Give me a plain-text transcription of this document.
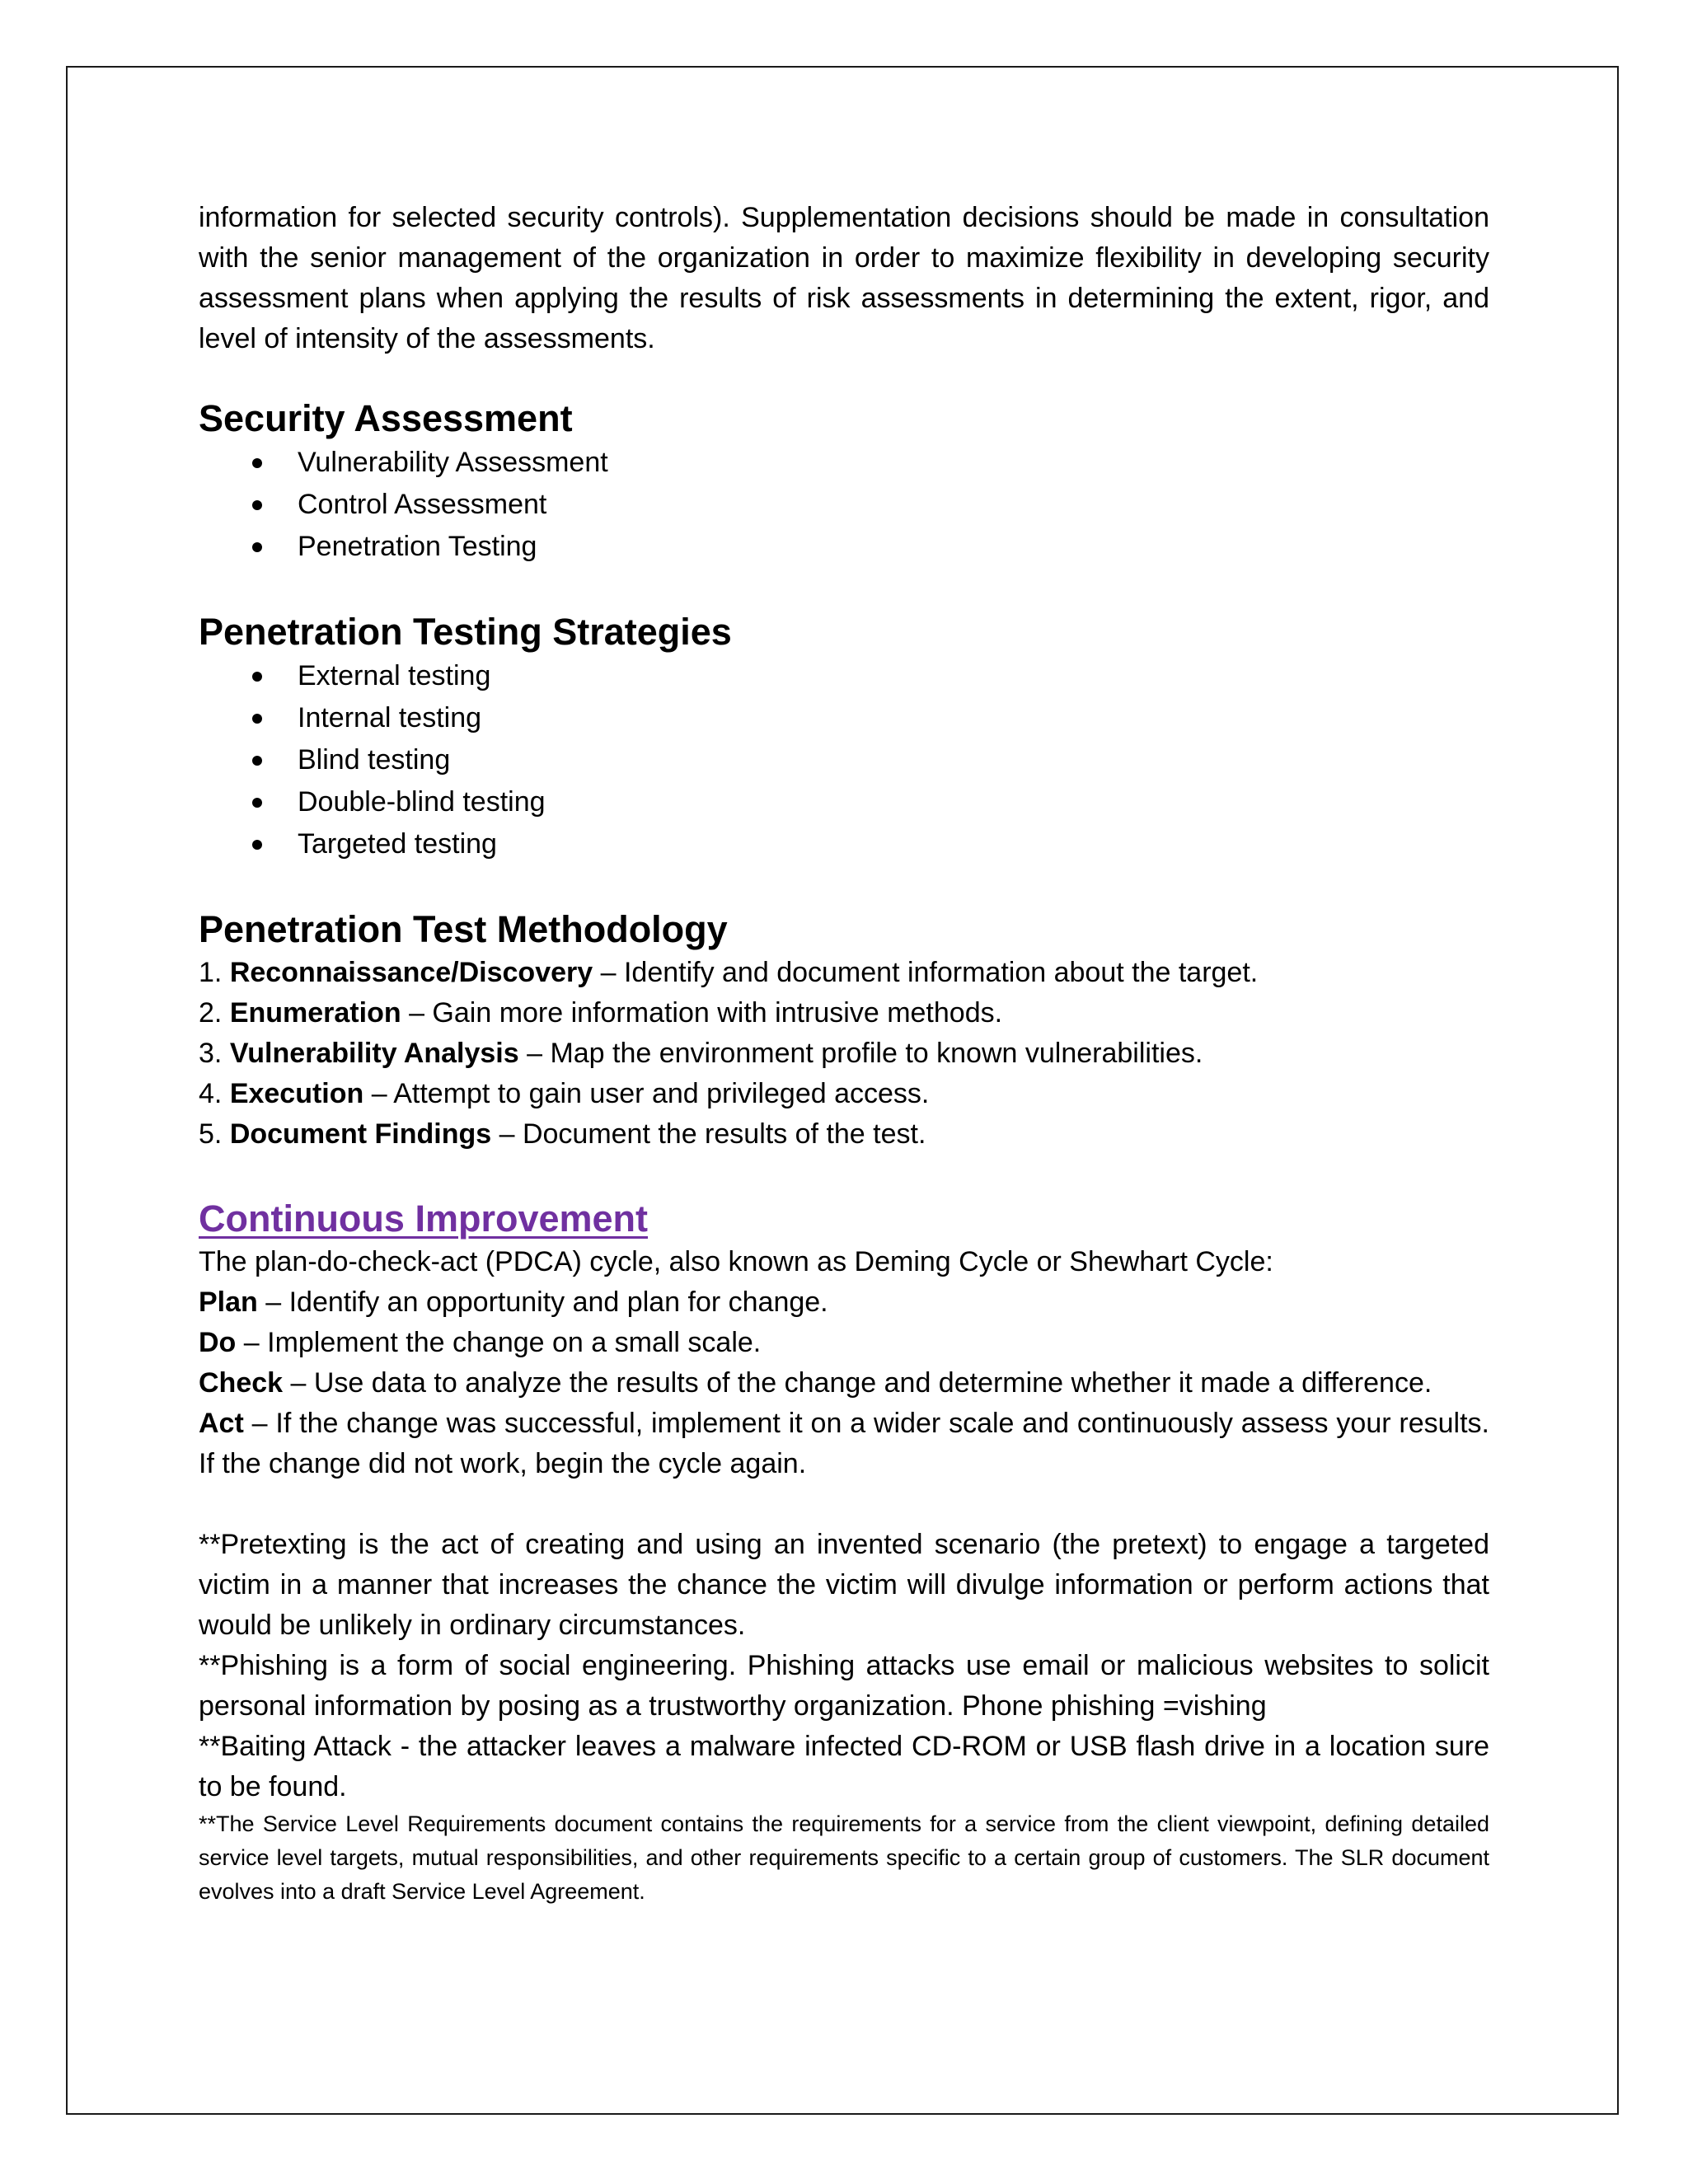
information for selected security controls). Supplementation decisions should be made in consultation with the senior management of the organization in order to maximize flexibility in developing security assessment plans when applying the results of risk assessments in determining the extent, rigor, and level of intensity of the assessments.

Security Assessment
Vulnerability Assessment
Control Assessment
Penetration Testing
Penetration Testing Strategies
External testing
Internal testing
Blind testing
Double-blind testing
Targeted testing
Penetration Test Methodology

1. Reconnaissance/Discovery – Identify and document information about the target.

2. Enumeration – Gain more information with intrusive methods.

3. Vulnerability Analysis – Map the environment profile to known vulnerabilities.

4. Execution – Attempt to gain user and privileged access.

5. Document Findings – Document the results of the test.

Continuous Improvement

The plan-do-check-act (PDCA) cycle, also known as Deming Cycle or Shewhart Cycle:

Plan – Identify an opportunity and plan for change.

Do – Implement the change on a small scale.

Check – Use data to analyze the results of the change and determine whether it made a difference.

Act – If the change was successful, implement it on a wider scale and continuously assess your results. If the change did not work, begin the cycle again.

**Pretexting is the act of creating and using an invented scenario (the pretext) to engage a targeted victim in a manner that increases the chance the victim will divulge information or perform actions that would be unlikely in ordinary circumstances.

**Phishing is a form of social engineering. Phishing attacks use email or malicious websites to solicit personal information by posing as a trustworthy organization. Phone phishing =vishing

**Baiting Attack - the attacker leaves a malware infected CD-ROM or USB flash drive in a location sure to be found.

**The Service Level Requirements document contains the requirements for a service from the client viewpoint, defining detailed service level targets, mutual responsibilities, and other requirements specific to a certain group of customers. The SLR document evolves into a draft Service Level Agreement.
